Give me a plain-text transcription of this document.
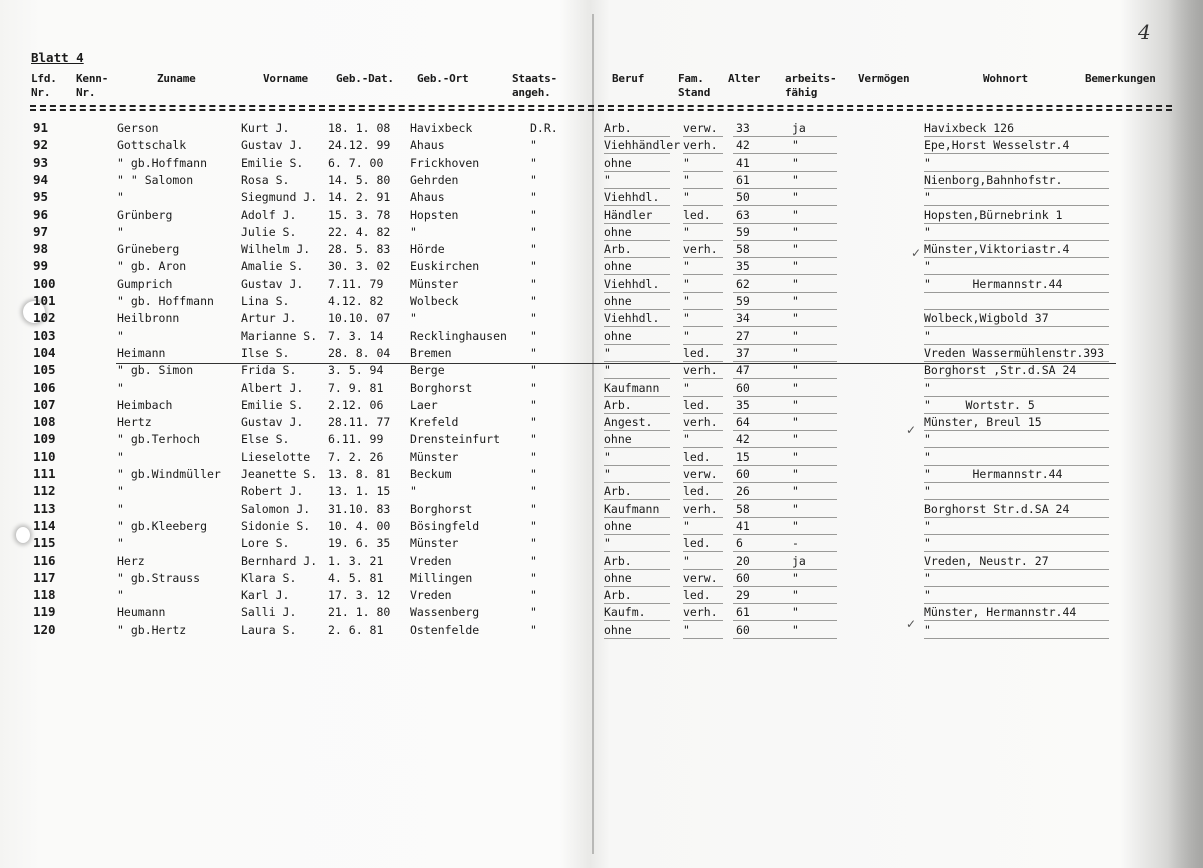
Blatt 4
4
Lfd.
Nr.
Kenn-
Nr.
Zuname	Vorname	Geb.-Dat. Geb.-Ort	Staats-
angeh.
Beruf	Fam.
Stand
Alter arbeits-
fähig
Vermögen	Wohnort	Bemerkungen
✓
✓
✓
91	Gerson	Kurt J.	18. 1. 08 Havixbeck	D.R.	Arb.	verw. 33	ja	Havixbeck 126
92	Gottschalk	Gustav J. 24.12. 99 Ahaus	"	Viehhändler verh. 42	"	Epe,Horst Wesselstr.4
93	" gb.Hoffmann	Emilie S. 6. 7. 00 Frickhoven	"	ohne	"	41	"	"
94	" " Salomon	Rosa S.	14. 5. 80 Gehrden	"	"	"	61	"	Nienborg,Bahnhofstr.
95	"	Siegmund J. 14. 2. 91 Ahaus	"	Viehhdl. "	50	"	"
96	Grünberg	Adolf J.	15. 3. 78 Hopsten	"	Händler	led. 63	"	Hopsten,Bürnebrink 1
97	"	Julie S.	22. 4. 82 "	"	ohne	"	59	"	"
98	Grüneberg	Wilhelm J. 28. 5. 83 Hörde	"	Arb.	verh. 58	"	Münster,Viktoriastr.4
99	" gb. Aron	Amalie S. 30. 3. 02 Euskirchen	"	ohne	"	35	"	"
100	Gumprich	Gustav J. 7.11. 79 Münster	"	Viehhdl. "	62	"	"      Hermannstr.44
101	" gb. Hoffmann Lina S.	4.12. 82 Wolbeck	"	ohne	"	59	"
102	Heilbronn	Artur J.	10.10. 07 "	"	Viehhdl. "	34	"	Wolbeck,Wigbold 37
103	"	Marianne S. 7. 3. 14 Recklinghausen "	ohne	"	27	"	"
104	Heimann	Ilse S.	28. 8. 04 Bremen	"	"	led. 37	"	Vreden Wassermühlenstr.393
105	" gb. Simon	Frida S.	3. 5. 94 Berge	"	"	verh. 47	"	Borghorst ,Str.d.SA 24
106	"	Albert J. 7. 9. 81 Borghorst	"	Kaufmann "	60	"	"
107	Heimbach	Emilie S. 2.12. 06 Laer	"	Arb.	led. 35	"	"     Wortstr. 5
108	Hertz	Gustav J. 28.11. 77 Krefeld	"	Angest.	verh. 64	"	Münster, Breul 15
109	" gb.Terhoch	Else S.	6.11. 99 Drensteinfurt	"	ohne	"	42	"	"
110	"	Lieselotte 7. 2. 26 Münster	"	"	led. 15	"	"
111	" gb.Windmüller Jeanette S. 13. 8. 81 Beckum	"	"	verw. 60	"	"      Hermannstr.44
112	"	Robert J. 13. 1. 15 "	"	Arb.	led. 26	"	"
113	"	Salomon J. 31.10. 83 Borghorst	"	Kaufmann verh. 58	"	Borghorst Str.d.SA 24
114	" gb.Kleeberg	Sidonie S. 10. 4. 00 Bösingfeld	"	ohne	"	41	"	"
115	"	Lore S.	19. 6. 35 Münster	"	"	led. 6	-	"
116	Herz	Bernhard J. 1. 3. 21 Vreden	"	Arb.	"	20	ja	Vreden, Neustr. 27
117	" gb.Strauss	Klara S.	4. 5. 81 Millingen	"	ohne	verw. 60	"	"
118	"	Karl J.	17. 3. 12 Vreden	"	Arb.	led. 29	"	"
119	Heumann	Salli J.	21. 1. 80 Wassenberg	"	Kaufm.	verh. 61	"	Münster, Hermannstr.44
120	" gb.Hertz	Laura S.	2. 6. 81 Ostenfelde	"	ohne	"	60	"	"
